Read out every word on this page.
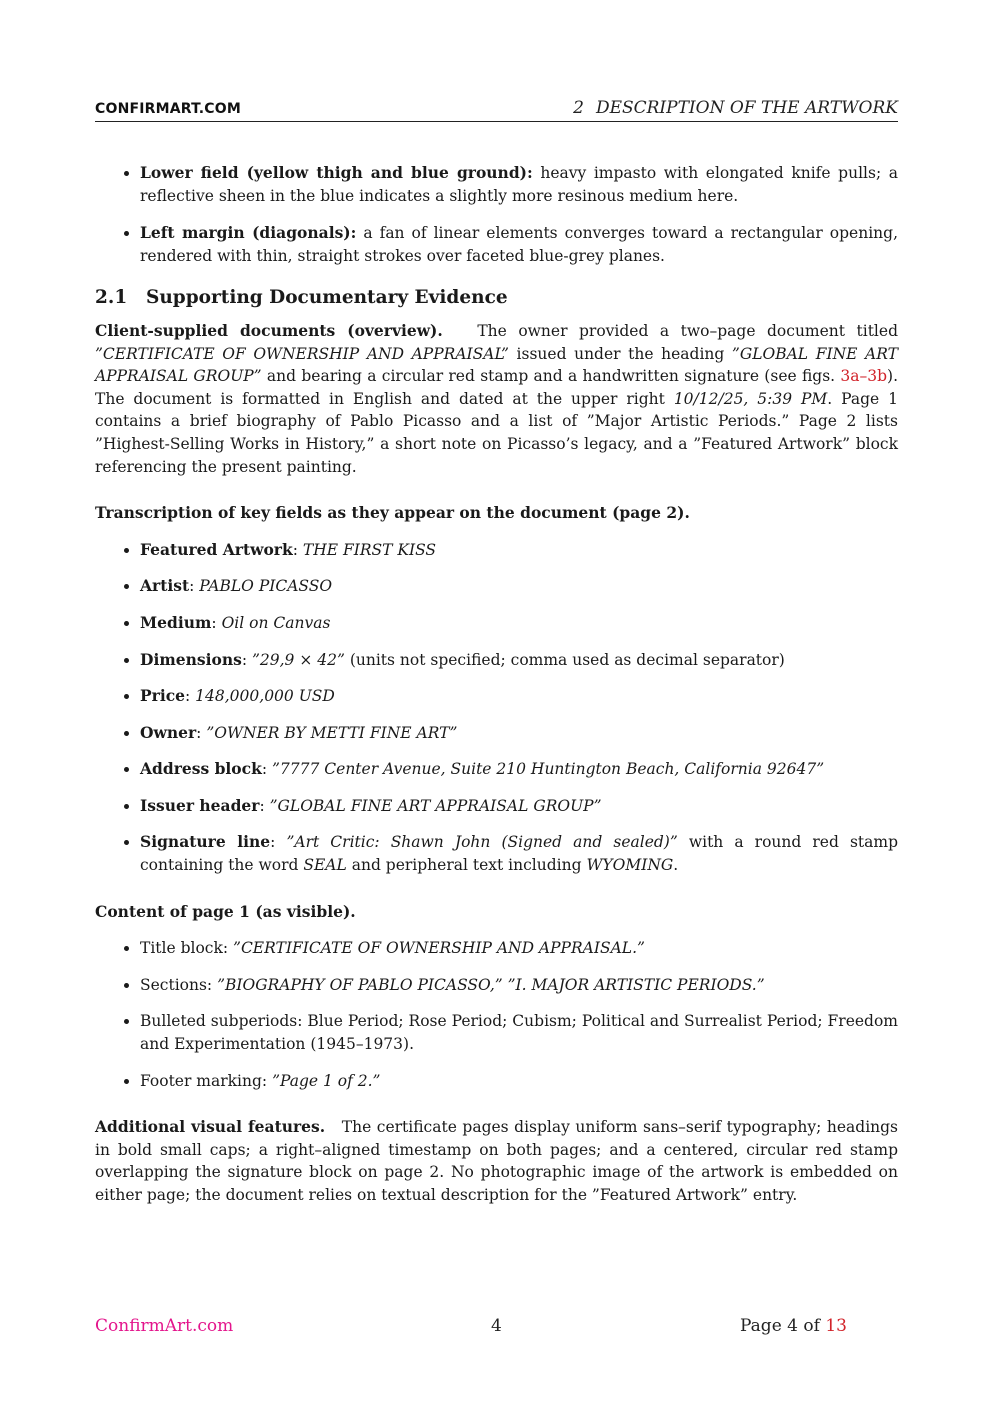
CONFIRMART.COM	2 DESCRIPTION OF THE ARTWORK
• Lower field (yellow thigh and blue ground): heavy impasto with elongated knife pulls; a reflective sheen in the blue indicates a slightly more resinous medium here.
• Left margin (diagonals): a fan of linear elements converges toward a rectangular opening, rendered with thin, straight strokes over faceted blue-grey planes.
2.1 Supporting Documentary Evidence

Client-supplied documents (overview). The owner provided a two–page document titled ”CERTIFICATE OF OWNERSHIP AND APPRAISAL” issued under the heading ”GLOBAL FINE ART APPRAISAL GROUP” and bearing a circular red stamp and a handwritten signature (see figs. 3a–3b). The document is formatted in English and dated at the upper right 10/12/25, 5:39 PM. Page 1 contains a brief biography of Pablo Picasso and a list of ”Major Artistic Periods.” Page 2 lists ”Highest-Selling Works in History,” a short note on Picasso’s legacy, and a ”Featured Artwork” block referencing the present painting.

Transcription of key fields as they appear on the document (page 2).

• Featured Artwork: THE FIRST KISS
• Artist: PABLO PICASSO
• Medium: Oil on Canvas
• Dimensions: ”29,9 × 42” (units not specified; comma used as decimal separator)
• Price: 148,000,000 USD
• Owner: ”OWNER BY METTI FINE ART”
• Address block: ”7777 Center Avenue, Suite 210 Huntington Beach, California 92647”
• Issuer header: ”GLOBAL FINE ART APPRAISAL GROUP”
• Signature line: ”Art Critic: Shawn John (Signed and sealed)” with a round red stamp containing the word SEAL and peripheral text including WYOMING.

Content of page 1 (as visible).

• Title block: ”CERTIFICATE OF OWNERSHIP AND APPRAISAL.”
• Sections: ”BIOGRAPHY OF PABLO PICASSO,” ”I. MAJOR ARTISTIC PERIODS.”
• Bulleted subperiods: Blue Period; Rose Period; Cubism; Political and Surrealist Period; Freedom and Experimentation (1945–1973).
• Footer marking: ”Page 1 of 2.”

Additional visual features. The certificate pages display uniform sans–serif typography; headings in bold small caps; a right–aligned timestamp on both pages; and a centered, circular red stamp overlapping the signature block on page 2. No photographic image of the artwork is embedded on either page; the document relies on textual description for the ”Featured Artwork” entry.

ConfirmArt.com	4	Page 4 of 13
